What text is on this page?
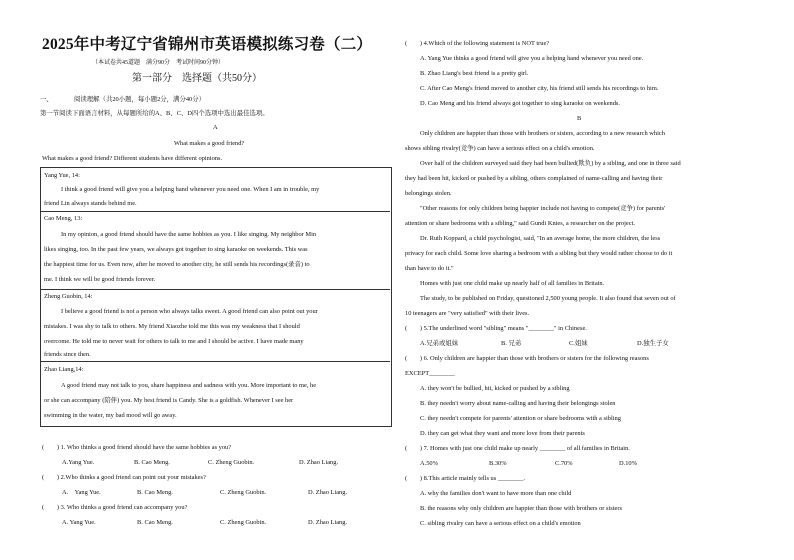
2025年中考辽宁省锦州市英语模拟练习卷（二）
（本试卷共45道题　满分90分　考试时间90分钟）
第一部分　选择题（共50分）
一、	阅读理解（共20小题，每小题2分，满分40分）
第一节阅读下面语言材料，从每题所给的A、B、C、D四个选项中选出最佳选项。
A
What makes a good friend?
What makes a good friend? Different students have different opinions.
Yang Yue, 14:
I think a good friend will give you a helping hand whenever you need one. When I am in trouble, my
friend Lin always stands behind me.
Cao Meng, 13:
In my opinion, a good friend should have the same hobbies as you. I like singing. My neighbor Min
likes singing, too. In the past few years, we always got together to sing karaoke on weekends. This was
the happiest time for us. Even now, after he moved to another city, he still sends his recordings(录音) to
me. I think we will be good friends forever.
Zheng Guobin, 14:
I believe a good friend is not a person who always talks sweet. A good friend can also point out your
mistakes. I was shy to talk to others. My friend Xiaozhe told me this was my weakness that I should
overcome. He told me to never wait for others to talk to me and I should be active. I have made many
friends since then.
Zhao Liang,14:
A good friend may not talk to you, share happiness and sadness with you. More important to me, he
or she can accompany (陪伴) you. My best friend is Candy. She is a goldfish. Whenever I see her
swimming in the water, my bad mood will go away.
(　　) 1. Who thinks a good friend should have the same hobbies as you?
A.Yang Yue.	B. Cao Meng.	C. Zheng Guobin.	D. Zhao Liang.
(　　) 2.Who thinks a good friend can point out your mistakes?
A.　Yang Yue.	B. Cao Meng.	C. Zheng Guobin.	D. Zhao Liang.
(　　) 3. Who thinks a good friend can accompany you?
A. Yang Yue.	B. Cao Meng.	C. Zheng Guobin.	D. Zhao Liang.
(　　) 4.Which of the following statement is NOT true?
A. Yang Yue thinks a good friend will give you a helping hand whenever you need one.
B. Zhao Liang's best friend is a pretty girl.
C. After Cao Meng's friend moved to another city, his friend still sends his recordings to him.
D. Cao Meng and his friend always got together to sing karaoke on weekends.
B
Only children are happier than those with brothers or sisters, according to a new research which
shows sibling rivalry(竞争) can have a serious effect on a child's emotion.
Over half of the children surveyed said they had been bullied(欺负) by a sibling, and one in three said
they had been hit, kicked or pushed by a sibling, others complained of name-calling and having their
belongings stolen.
"Other reasons for only children being happier include not having to compete(竞争) for parents'
attention or share bedrooms with a sibling," said Gundi Knies, a researcher on the project.
Dr. Ruth Koppard, a child psychologist, said, "In an average home, the more children, the less
privacy for each child. Some love sharing a bedroom with a sibling but they would rather choose to do it
than have to do it."
Homes with just one child make up nearly half of all families in Britain.
The study, to be published on Friday, questioned 2,500 young people. It also found that seven out of
10 teenagers are "very satisfied" with their lives.
(　　) 5.The underlined word "sibling" means "________" in Chinese.
A.兄弟或姐妹	B. 兄弟	C.姐妹	D.独生子女
(　　) 6. Only children are happier than those with brothers or sisters for the following reasons
EXCEPT________
A. they won't be bullied, hit, kicked or pushed by a sibling
B. they needn't worry about name-calling and having their belongings stolen
C. they needn't compete for parents' attention or share bedrooms with a sibling
D. they can get what they want and more love from their parents
(　　) 7. Homes with just one child make up nearly ________ of all families in Britain.
A.50%	B.30%	C.70%	D.10%
(　　) 8.This article mainly tells us ________.
A. why the families don't want to have more than one child
B. the reasons why only children are happier than those with brothers or sisters
C. sibling rivalry can have a serious effect on a child's emotion
